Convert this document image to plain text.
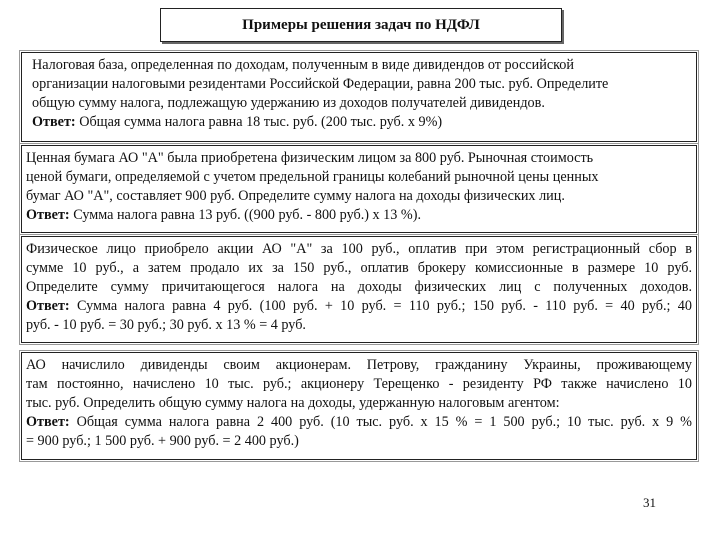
Примеры решения задач по НДФЛ
Налоговая база, определенная по доходам, полученным в виде дивидендов от российской
организации налоговыми резидентами Российской Федерации, равна 200 тыс. руб. Определите
общую сумму налога, подлежащую удержанию из доходов получателей дивидендов.
Ответ: Общая сумма налога равна 18 тыс. руб. (200 тыс. руб. x 9%)
Ценная бумага АО "А" была приобретена физическим лицом за 800 руб. Рыночная стоимость
ценой бумаги, определяемой с учетом предельной границы колебаний рыночной цены ценных
бумаг АО "А", составляет 900 руб. Определите сумму налога на доходы физических лиц.
Ответ: Сумма налога равна 13 руб. ((900 руб. - 800 руб.) x 13 %).
Физическое лицо приобрело акции АО "А" за 100 руб., оплатив при этом регистрационный сбор в
сумме 10 руб., а затем продало их за 150 руб., оплатив брокеру комиссионные в размере 10 руб.
Определите сумму причитающегося налога на доходы физических лиц с полученных доходов.
Ответ: Сумма налога равна 4 руб. (100 руб. + 10 руб. = 110 руб.; 150 руб. - 110 руб. = 40 руб.; 40
руб. - 10 руб. = 30 руб.; 30 руб. x 13 % = 4 руб.
АО начислило дивиденды своим акционерам. Петрову, гражданину Украины, проживающему
там постоянно, начислено 10 тыс. руб.; акционеру Терещенко - резиденту РФ также начислено 10
тыс. руб. Определить общую сумму налога на доходы, удержанную налоговым агентом:
Ответ: Общая сумма налога равна 2 400 руб. (10 тыс. руб. x 15 % = 1 500 руб.; 10 тыс. руб. x 9 %
= 900 руб.; 1 500 руб. + 900 руб. = 2 400 руб.)
31
